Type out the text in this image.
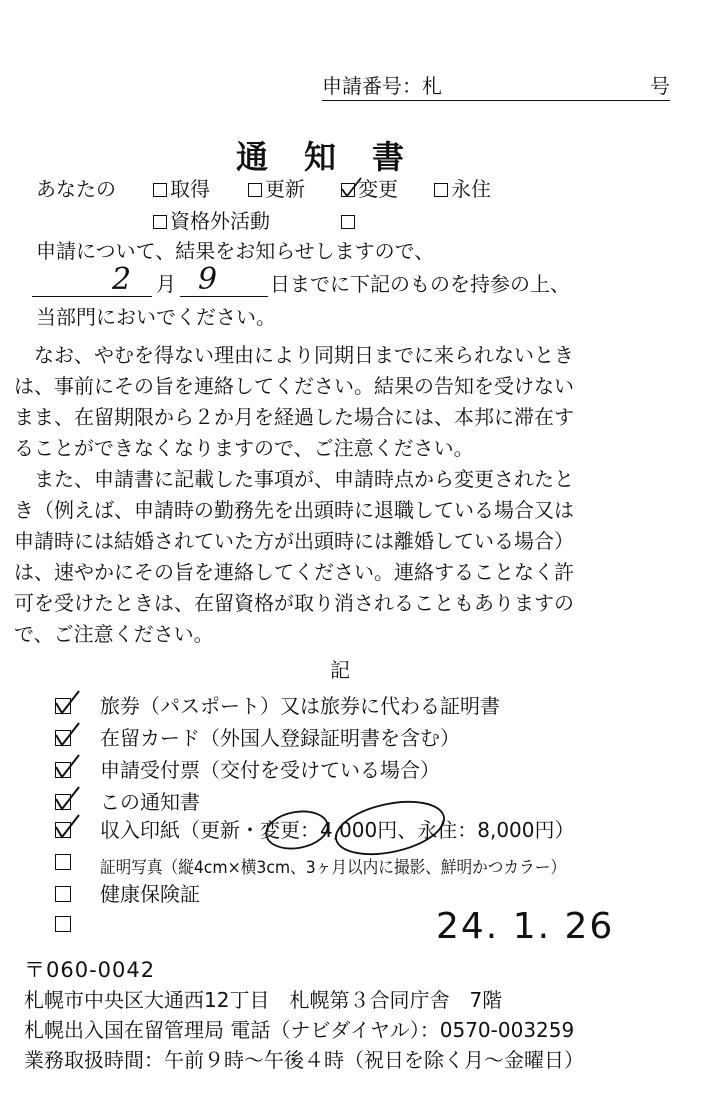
申請番号：札	号
通　知　書
あなたの	取得	更新	変更	永住
資格外活動
申請について、結果をお知らせしますので、
2 月 9	日までに下記のものを持参の上、
当部門においでください。
　なお、やむを得ない理由により同期日までに来られないとき
は、事前にその旨を連絡してください。結果の告知を受けない
まま、在留期限から２か月を経過した場合には、本邦に滞在す
ることができなくなりますので、ご注意ください。
　また、申請書に記載した事項が、申請時点から変更されたと
き（例えば、申請時の勤務先を出頭時に退職している場合又は
申請時には結婚されていた方が出頭時には離婚している場合）
は、速やかにその旨を連絡してください。連絡することなく許
可を受けたときは、在留資格が取り消されることもありますの
で、ご注意ください。
記
旅券（パスポート）又は旅券に代わる証明書
在留カード（外国人登録証明書を含む）
申請受付票（交付を受けている場合）
この通知書
収入印紙（更新・変更：4,000円、永住：8,000円）
証明写真（縦4cm×横3cm、3ヶ月以内に撮影、鮮明かつカラー）
健康保険証
24. 1. 26
〒060-0042
札幌市中央区大通西12丁目　札幌第３合同庁舎　7階
札幌出入国在留管理局 電話（ナビダイヤル）：0570-003259
業務取扱時間：午前９時～午後４時（祝日を除く月～金曜日）
